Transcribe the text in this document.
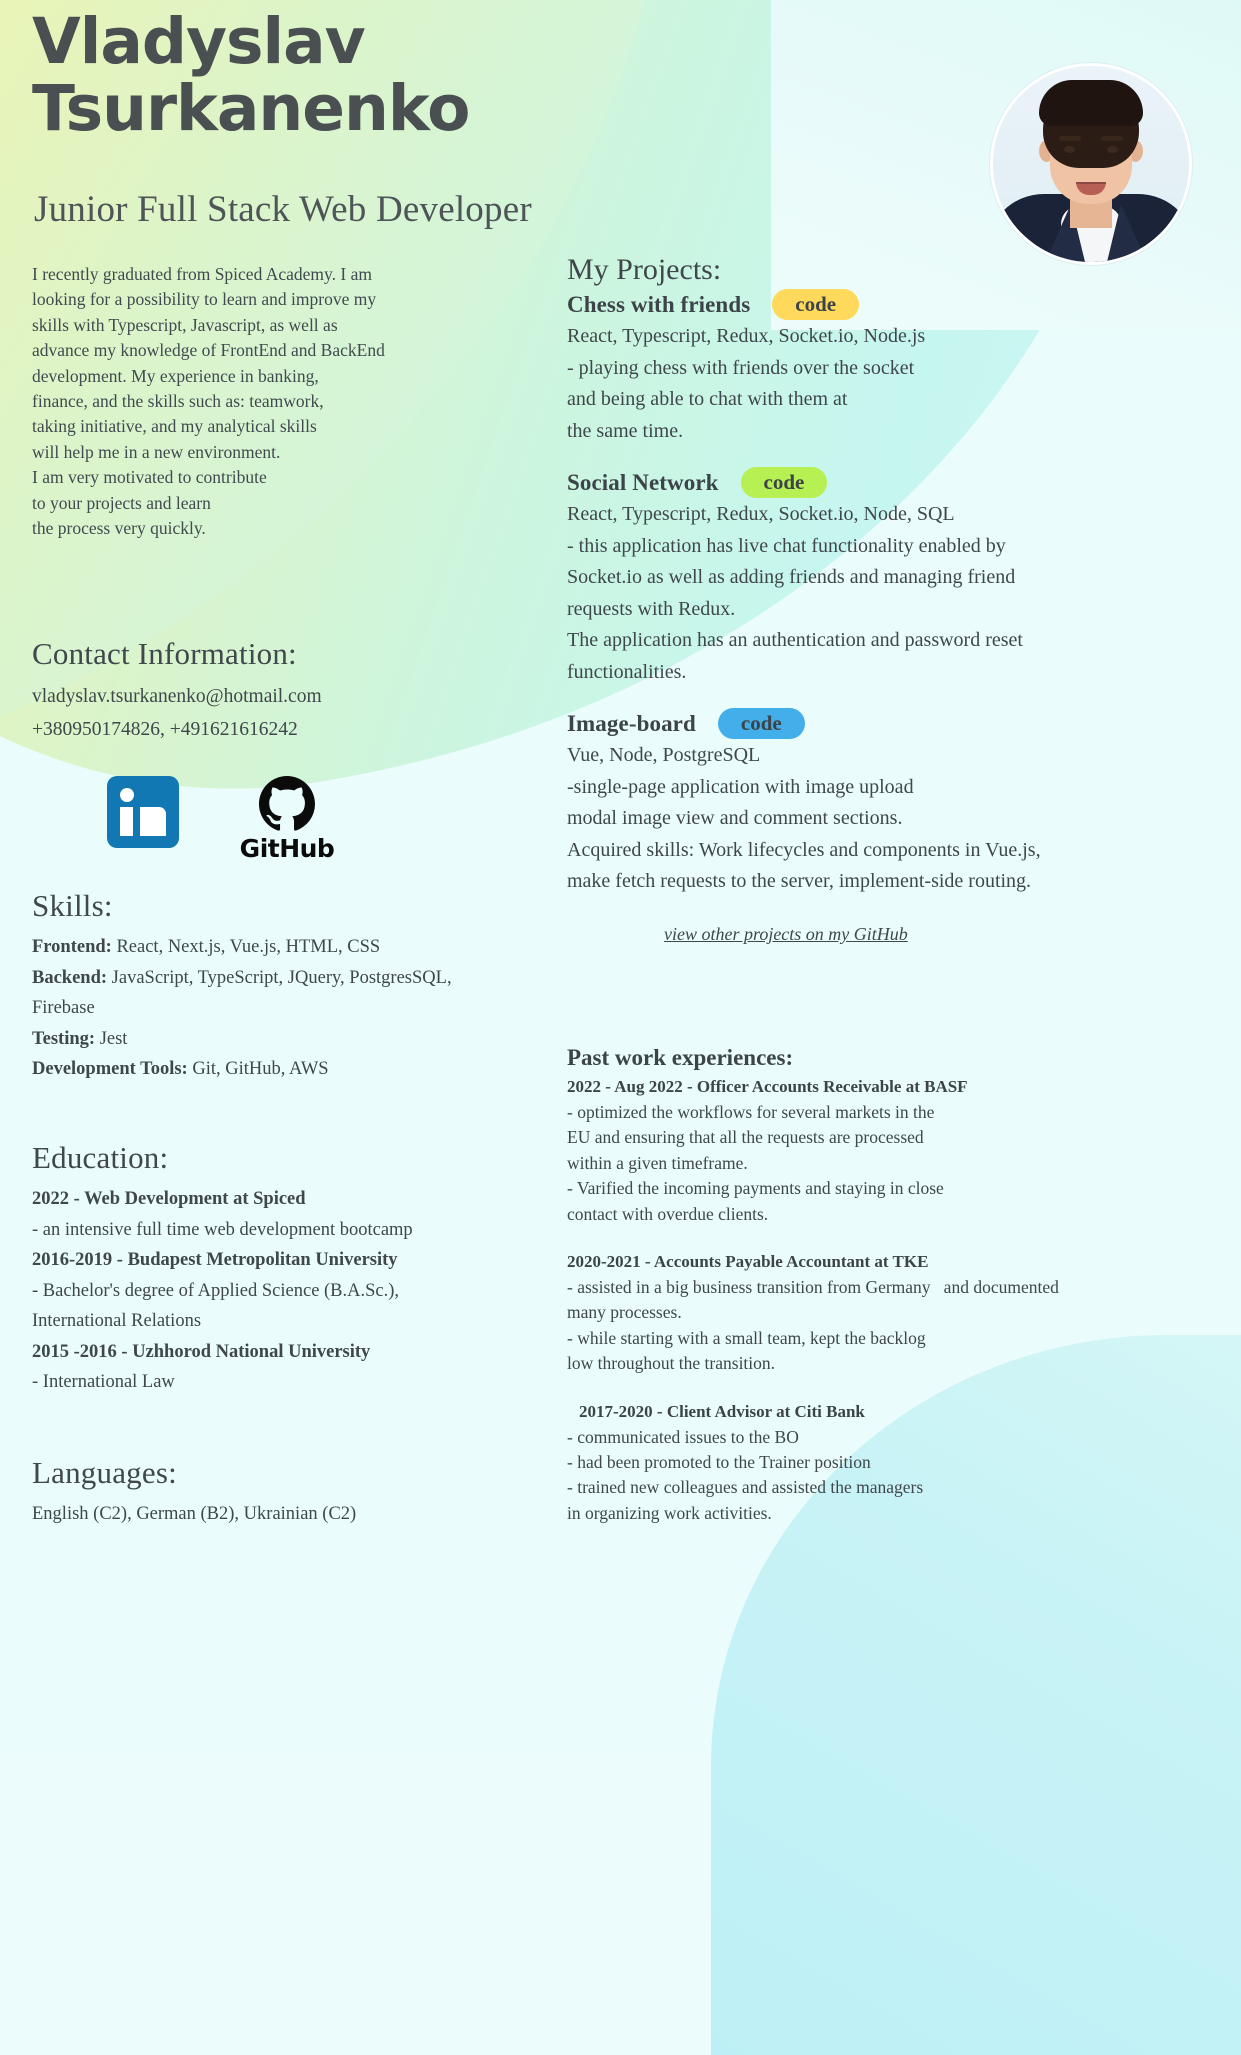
Vladyslav
Tsurkanenko
Junior Full Stack Web Developer
I recently graduated from Spiced Academy. I am
looking for a possibility to learn and improve my
skills with Typescript, Javascript, as well as
advance my knowledge of FrontEnd and BackEnd
development. My experience in banking,
finance, and the skills such as: teamwork,
taking initiative, and my analytical skills
will help me in a new environment.
I am very motivated to contribute
to your projects and learn
the process very quickly.
Contact Information:
vladyslav.tsurkanenko@hotmail.com
+380950174826, +491621616242
GitHub
Skills:
Frontend: React, Next.js, Vue.js, HTML, CSS
Backend: JavaScript, TypeScript, JQuery, PostgresSQL,
Firebase
Testing: Jest
Development Tools: Git, GitHub, AWS
Education:
2022 - Web Development at Spiced
- an intensive full time web development bootcamp
2016-2019 - Budapest Metropolitan University
- Bachelor's degree of Applied Science (B.A.Sc.),
International Relations
2015 -2016 - Uzhhorod National University
- International Law
Languages:
English (C2), German (B2), Ukrainian (C2)
My Projects:
Chess with friends	code
React, Typescript, Redux, Socket.io, Node.js
- playing chess with friends over the socket
and being able to chat with them at
the same time.
Social Network	code
React, Typescript, Redux, Socket.io, Node, SQL
- this application has live chat functionality enabled by
Socket.io as well as adding friends and managing friend
requests with Redux.
The application has an authentication and password reset
functionalities.
Image-board	code
Vue, Node, PostgreSQL
-single-page application with image upload
modal image view and comment sections.
Acquired skills: Work lifecycles and components in Vue.js,
make fetch requests to the server, implement-side routing.
view other projects on my GitHub
Past work experiences:
2022 - Aug 2022 - Officer Accounts Receivable at BASF
- optimized the workflows for several markets in the
EU and ensuring that all the requests are processed
within a given timeframe.
- Varified the incoming payments and staying in close
contact with overdue clients.
2020-2021 - Accounts Payable Accountant at TKE
- assisted in a big business transition from Germany   and documented
many processes.
- while starting with a small team, kept the backlog
low throughout the transition.
2017-2020 - Client Advisor at Citi Bank
- communicated issues to the BO
- had been promoted to the Trainer position
- trained new colleagues and assisted the managers
in organizing work activities.
